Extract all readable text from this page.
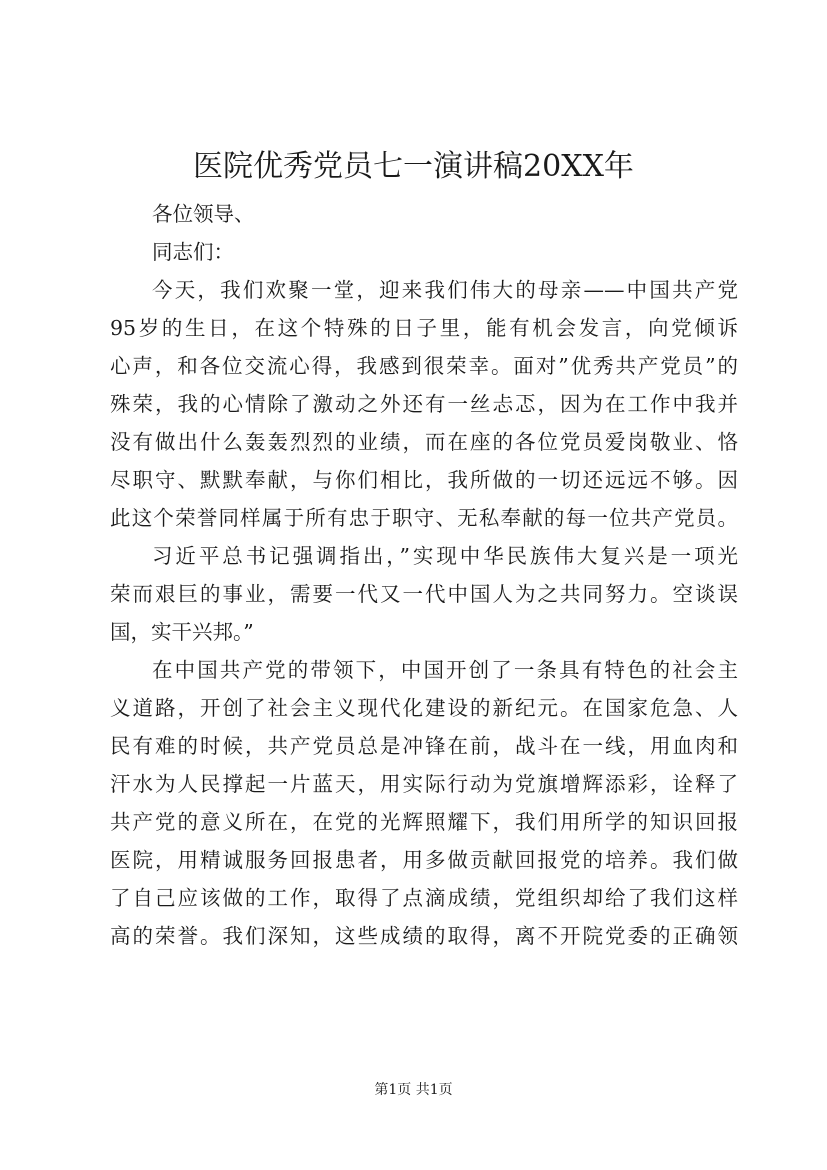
医院优秀党员七一演讲稿20XX年
各位领导、
同志们：
今天，我们欢聚一堂，迎来我们伟大的母亲——中国共产党
95岁的生日，在这个特殊的日子里，能有机会发言，向党倾诉
心声，和各位交流心得，我感到很荣幸。面对”优秀共产党员”的
殊荣，我的心情除了激动之外还有一丝忐忑，因为在工作中我并
没有做出什么轰轰烈烈的业绩，而在座的各位党员爱岗敬业、恪
尽职守、默默奉献，与你们相比，我所做的一切还远远不够。因
此这个荣誉同样属于所有忠于职守、无私奉献的每一位共产党员。
习近平总书记强调指出，”实现中华民族伟大复兴是一项光
荣而艰巨的事业，需要一代又一代中国人为之共同努力。空谈误
国，实干兴邦。”
在中国共产党的带领下，中国开创了一条具有特色的社会主
义道路，开创了社会主义现代化建设的新纪元。在国家危急、人
民有难的时候，共产党员总是冲锋在前，战斗在一线，用血肉和
汗水为人民撑起一片蓝天，用实际行动为党旗增辉添彩，诠释了
共产党的意义所在，在党的光辉照耀下，我们用所学的知识回报
医院，用精诚服务回报患者，用多做贡献回报党的培养。我们做
了自己应该做的工作，取得了点滴成绩，党组织却给了我们这样
高的荣誉。我们深知，这些成绩的取得，离不开院党委的正确领
第1页 共1页
